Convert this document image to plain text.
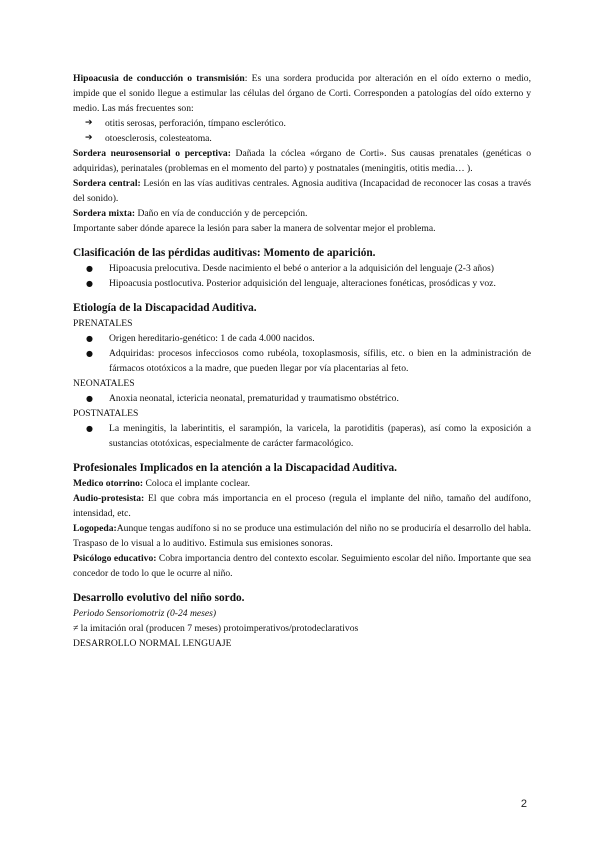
Hipoacusia de conducción o transmisión: Es una sordera producida por alteración en el oído externo o medio, impide que el sonido llegue a estimular las células del órgano de Corti. Corresponden a patologías del oído externo y medio. Las más frecuentes son:

➔	otitis serosas, perforación, tímpano esclerótico.
➔	otoesclerosis, colesteatoma.

Sordera neurosensorial o perceptiva: Dañada la cóclea «órgano de Corti». Sus causas prenatales (genéticas o adquiridas), perinatales (problemas en el momento del parto) y postnatales (meningitis, otitis media… ).

Sordera central: Lesión en las vías auditivas centrales. Agnosia auditiva (Incapacidad de reconocer las cosas a través del sonido).

Sordera mixta: Daño en vía de conducción y de percepción.

Importante saber dónde aparece la lesión para saber la manera de solventar mejor el problema.

Clasificación de las pérdidas auditivas: Momento de aparición.
●	Hipoacusia prelocutiva. Desde nacimiento el bebé o anterior a la adquisición del lenguaje (2-3 años)
●	Hipoacusia postlocutiva. Posterior adquisición del lenguaje, alteraciones fonéticas, prosódicas y voz.
Etiología de la Discapacidad Auditiva.

PRENATALES

●	Origen hereditario-genético: 1 de cada 4.000 nacidos.
●	Adquiridas: procesos infecciosos como rubéola, toxoplasmosis, sífilis, etc. o bien en la administración de fármacos ototóxicos a la madre, que pueden llegar por vía placentarias al feto.

NEONATALES

●	Anoxia neonatal, ictericia neonatal, prematuridad y traumatismo obstétrico.

POSTNATALES

●	La meningitis, la laberintitis, el sarampión, la varicela, la parotiditis (paperas), así como la exposición a sustancias ototóxicas, especialmente de carácter farmacológico.
Profesionales Implicados en la atención a la Discapacidad Auditiva.

Medico otorrino: Coloca el implante coclear.

Audio-protesista: El que cobra más importancia en el proceso (regula el implante del niño, tamaño del audífono, intensidad, etc.

Logopeda:Aunque tengas audífono si no se produce una estimulación del niño no se produciría el desarrollo del habla. Traspaso de lo visual a lo auditivo. Estimula sus emisiones sonoras.

Psicólogo educativo: Cobra importancia dentro del contexto escolar. Seguimiento escolar del niño. Importante que sea concedor de todo lo que le ocurre al niño.

Desarrollo evolutivo del niño sordo.

Periodo Sensoriomotriz (0-24 meses)

≠ la imitación oral (producen 7 meses) protoimperativos/protodeclarativos

DESARROLLO NORMAL LENGUAJE

2
